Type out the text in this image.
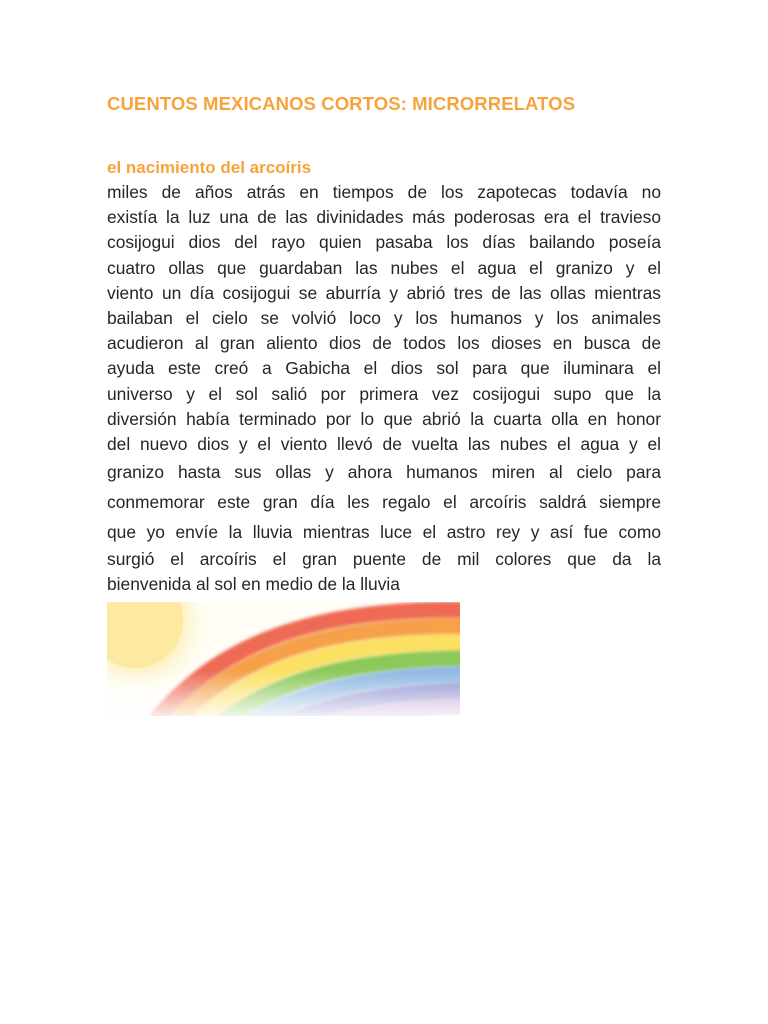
CUENTOS MEXICANOS CORTOS: MICRORRELATOS
el nacimiento del arcoíris
miles de años atrás en tiempos de los zapotecas todavía no
existía la luz una de las divinidades más poderosas era el travieso
cosijogui dios del rayo quien pasaba los días bailando poseía
cuatro ollas que guardaban las nubes el agua el granizo y el
viento un día cosijogui se aburría y abrió tres de las ollas mientras
bailaban el cielo se volvió loco y los humanos y los animales
acudieron al gran aliento dios de todos los dioses en busca de
ayuda este creó a Gabicha el dios sol para que iluminara el
universo y el sol salió por primera vez cosijogui supo que la
diversión había terminado por lo que abrió la cuarta olla en honor
del nuevo dios y el viento llevó de vuelta las nubes el agua y el
granizo hasta sus ollas y ahora humanos miren al cielo para
conmemorar este gran día les regalo el arcoíris saldrá siempre
que yo envíe la lluvia mientras luce el astro rey y así fue como
surgió el arcoíris el gran puente de mil colores que da la
bienvenida al sol en medio de la lluvia
